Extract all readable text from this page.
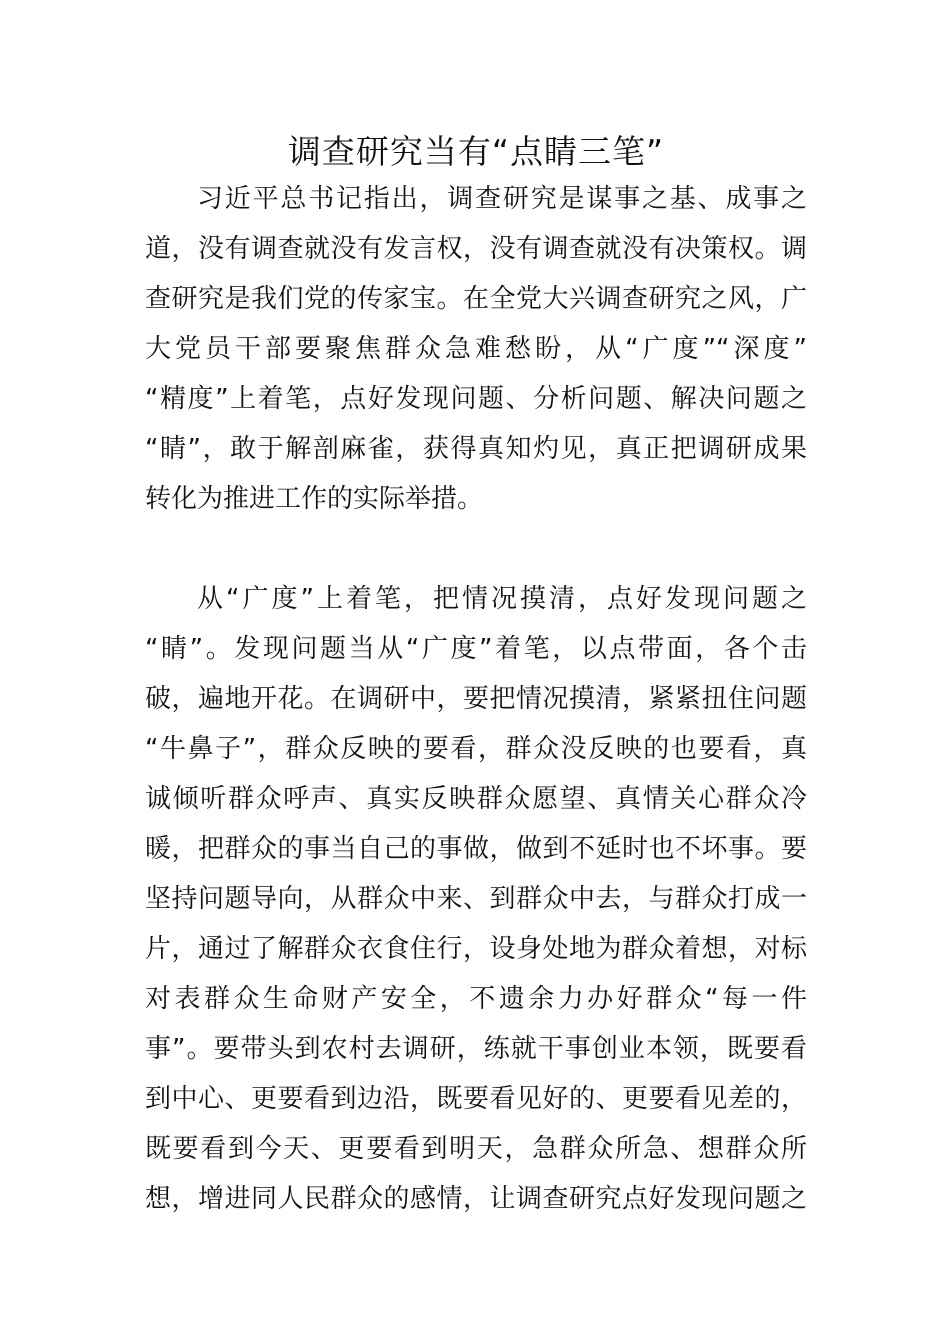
调查研究当有“点睛三笔”
习近平总书记指出，调查研究是谋事之基、成事之
道，没有调查就没有发言权，没有调查就没有决策权。调
查研究是我们党的传家宝。在全党大兴调查研究之风，广
大党员干部要聚焦群众急难愁盼，从“广度”“深度”
“精度”上着笔，点好发现问题、分析问题、解决问题之
“睛”，敢于解剖麻雀，获得真知灼见，真正把调研成果
转化为推进工作的实际举措。
从“广度”上着笔，把情况摸清，点好发现问题之
“睛”。发现问题当从“广度”着笔，以点带面，各个击
破，遍地开花。在调研中，要把情况摸清，紧紧扭住问题
“牛鼻子”，群众反映的要看，群众没反映的也要看，真
诚倾听群众呼声、真实反映群众愿望、真情关心群众冷
暖，把群众的事当自己的事做，做到不延时也不坏事。要
坚持问题导向，从群众中来、到群众中去，与群众打成一
片，通过了解群众衣食住行，设身处地为群众着想，对标
对表群众生命财产安全，不遗余力办好群众“每一件
事”。要带头到农村去调研，练就干事创业本领，既要看
到中心、更要看到边沿，既要看见好的、更要看见差的，
既要看到今天、更要看到明天，急群众所急、想群众所
想，增进同人民群众的感情，让调查研究点好发现问题之
